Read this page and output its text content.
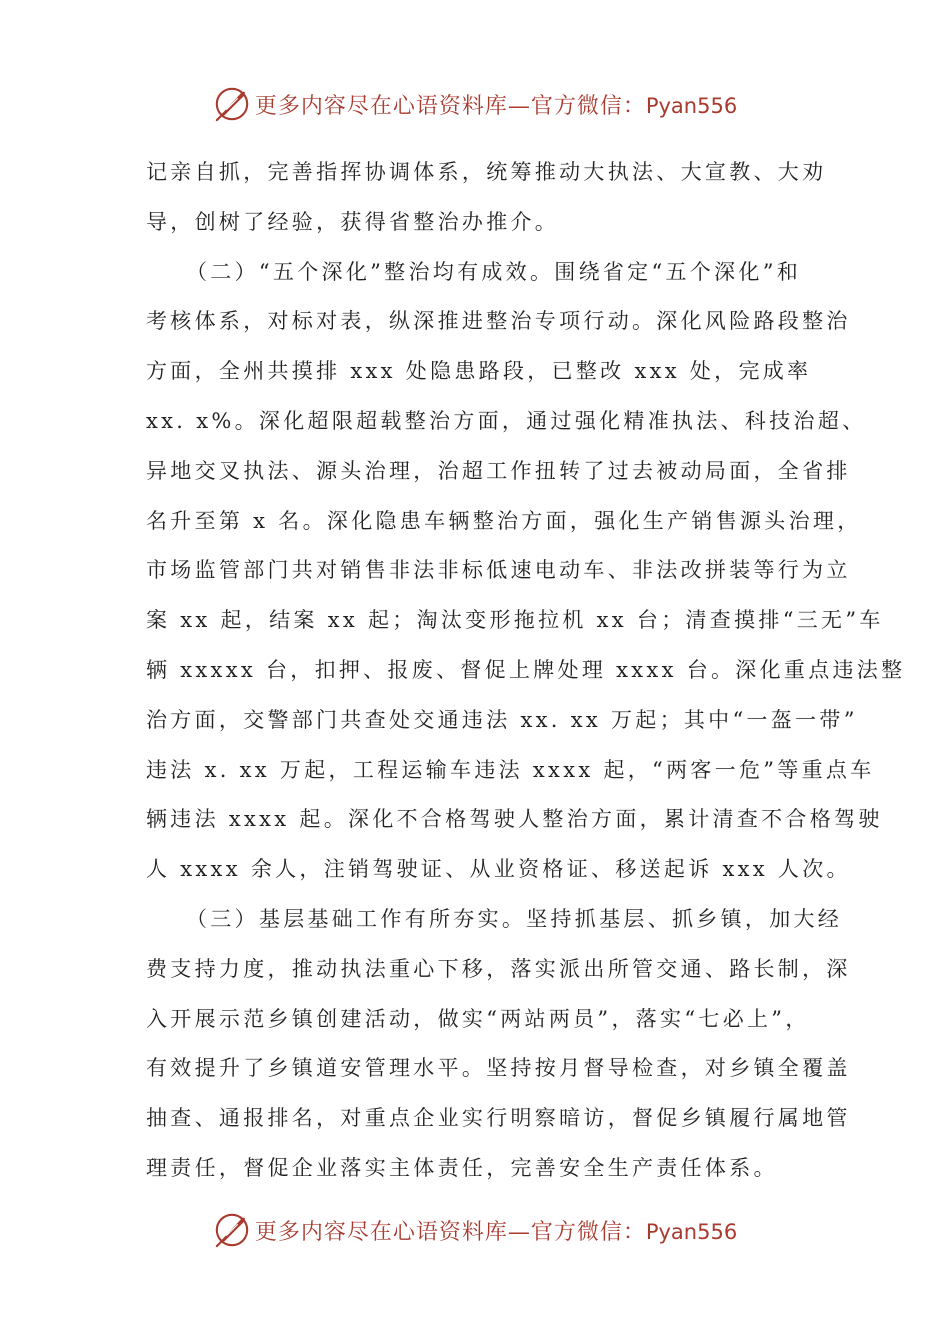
更多内容尽在心语资料库—官方微信：Pyan556
记亲自抓，完善指挥协调体系，统筹推动大执法、大宣教、大劝
导，创树了经验，获得省整治办推介。
（二）“五个深化”整治均有成效。围绕省定“五个深化”和
考核体系，对标对表，纵深推进整治专项行动。深化风险路段整治
方面，全州共摸排 xxx 处隐患路段，已整改 xxx 处，完成率
xx. x%。深化超限超载整治方面，通过强化精准执法、科技治超、
异地交叉执法、源头治理，治超工作扭转了过去被动局面，全省排
名升至第 x 名。深化隐患车辆整治方面，强化生产销售源头治理，
市场监管部门共对销售非法非标低速电动车、非法改拼装等行为立
案 xx 起，结案 xx 起；淘汰变形拖拉机 xx 台；清查摸排“三无”车
辆 xxxxx 台，扣押、报废、督促上牌处理 xxxx 台。深化重点违法整
治方面，交警部门共查处交通违法 xx. xx 万起；其中“一盔一带”
违法 x. xx 万起，工程运输车违法 xxxx 起，“两客一危”等重点车
辆违法 xxxx 起。深化不合格驾驶人整治方面，累计清查不合格驾驶
人 xxxx 余人，注销驾驶证、从业资格证、移送起诉 xxx 人次。
（三）基层基础工作有所夯实。坚持抓基层、抓乡镇，加大经
费支持力度，推动执法重心下移，落实派出所管交通、路长制，深
入开展示范乡镇创建活动，做实“两站两员”，落实“七必上”，
有效提升了乡镇道安管理水平。坚持按月督导检查，对乡镇全覆盖
抽查、通报排名，对重点企业实行明察暗访，督促乡镇履行属地管
理责任，督促企业落实主体责任，完善安全生产责任体系。
更多内容尽在心语资料库—官方微信：Pyan556
